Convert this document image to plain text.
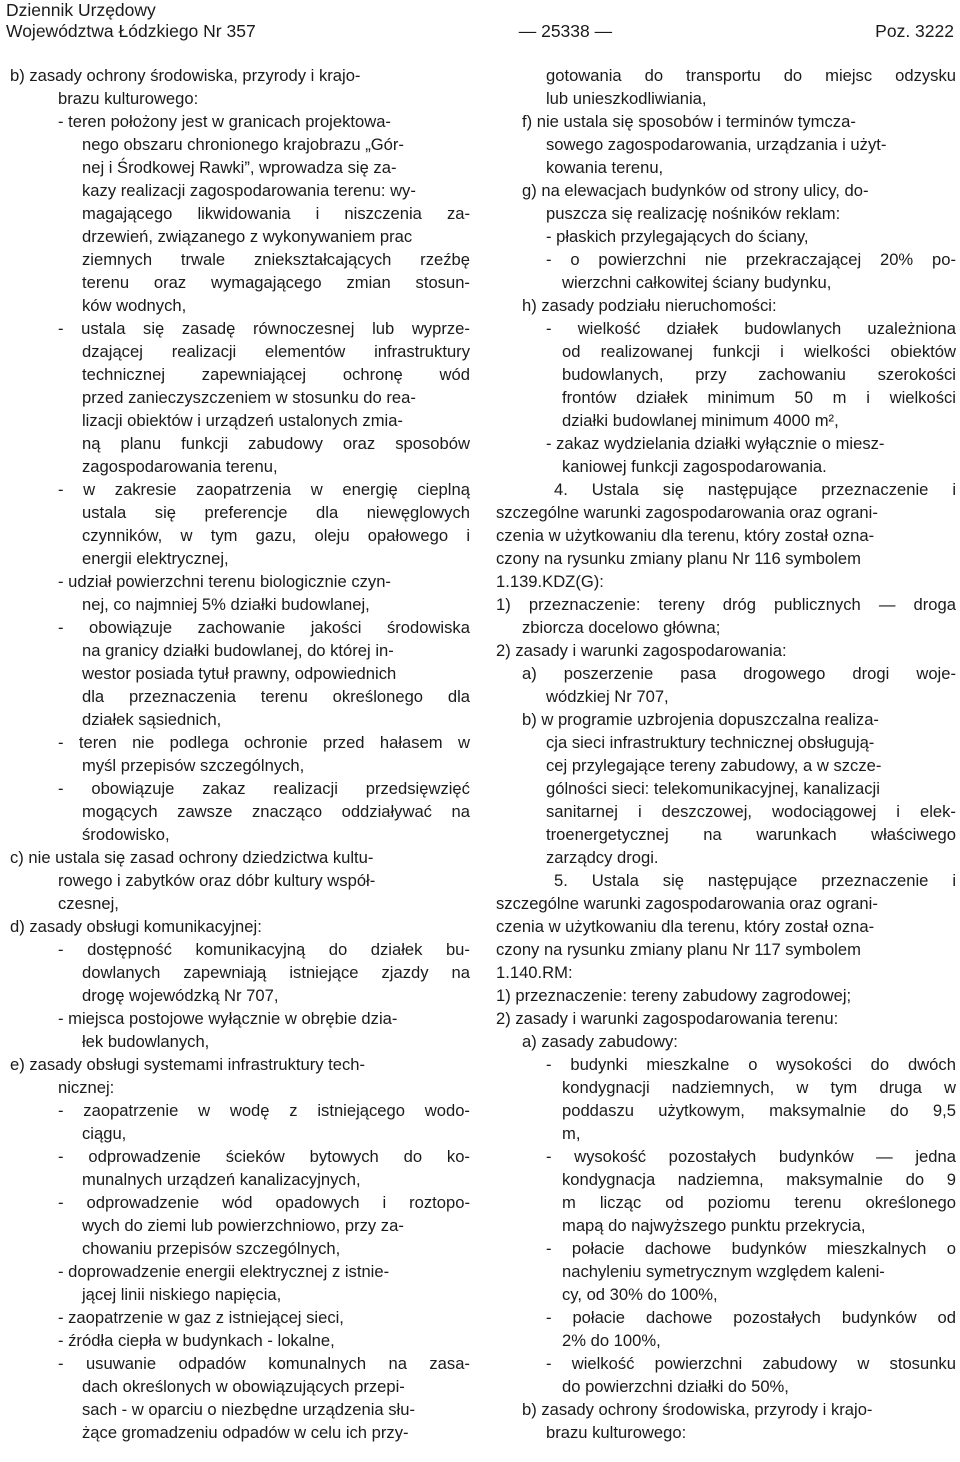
Dziennik Urzędowy
Województwa Łódzkiego Nr 357	— 25338 —	Poz. 3222
b) zasady ochrony środowiska, przyrody i krajo-
brazu kulturowego:
- teren położony jest w granicach projektowa-
nego obszaru chronionego krajobrazu „Gór-
nej i Środkowej Rawki”, wprowadza się za-
kazy realizacji zagospodarowania terenu: wy-
magającego likwidowania i niszczenia za-
drzewień, związanego z wykonywaniem prac
ziemnych trwale zniekształcających rzeźbę
terenu oraz wymagającego zmian stosun-
ków wodnych,
- ustala się zasadę równoczesnej lub wyprze-
dzającej realizacji elementów infrastruktury
technicznej zapewniającej ochronę wód
przed zanieczyszczeniem w stosunku do rea-
lizacji obiektów i urządzeń ustalonych zmia-
ną planu funkcji zabudowy oraz sposobów
zagospodarowania terenu,
- w zakresie zaopatrzenia w energię cieplną
ustala się preferencje dla niewęglowych
czynników, w tym gazu, oleju opałowego i
energii elektrycznej,
- udział powierzchni terenu biologicznie czyn-
nej, co najmniej 5% działki budowlanej,
- obowiązuje zachowanie jakości środowiska
na granicy działki budowlanej, do której in-
westor posiada tytuł prawny, odpowiednich
dla przeznaczenia terenu określonego dla
działek sąsiednich,
- teren nie podlega ochronie przed hałasem w
myśl przepisów szczególnych,
- obowiązuje zakaz realizacji przedsięwzięć
mogących zawsze znacząco oddziaływać na
środowisko,
c) nie ustala się zasad ochrony dziedzictwa kultu-
rowego i zabytków oraz dóbr kultury współ-
czesnej,
d) zasady obsługi komunikacyjnej:
- dostępność komunikacyjną do działek bu-
dowlanych zapewniają istniejące zjazdy na
drogę wojewódzką Nr 707,
- miejsca postojowe wyłącznie w obrębie dzia-
łek budowlanych,
e) zasady obsługi systemami infrastruktury tech-
nicznej:
- zaopatrzenie w wodę z istniejącego wodo-
ciągu,
- odprowadzenie ścieków bytowych do ko-
munalnych urządzeń kanalizacyjnych,
- odprowadzenie wód opadowych i roztopo-
wych do ziemi lub powierzchniowo, przy za-
chowaniu przepisów szczególnych,
- doprowadzenie energii elektrycznej z istnie-
jącej linii niskiego napięcia,
- zaopatrzenie w gaz z istniejącej sieci,
- źródła ciepła w budynkach - lokalne,
- usuwanie odpadów komunalnych na zasa-
dach określonych w obowiązujących przepi-
sach - w oparciu o niezbędne urządzenia słu-
żące gromadzeniu odpadów w celu ich przy-
gotowania do transportu do miejsc odzysku
lub unieszkodliwiania,
f) nie ustala się sposobów i terminów tymcza-
sowego zagospodarowania, urządzania i użyt-
kowania terenu,
g) na elewacjach budynków od strony ulicy, do-
puszcza się realizację nośników reklam:
- płaskich przylegających do ściany,
- o powierzchni nie przekraczającej 20% po-
wierzchni całkowitej ściany budynku,
h) zasady podziału nieruchomości:
- wielkość działek budowlanych uzależniona
od realizowanej funkcji i wielkości obiektów
budowlanych, przy zachowaniu szerokości
frontów działek minimum 50 m i wielkości
działki budowlanej minimum 4000 m²,
- zakaz wydzielania działki wyłącznie o miesz-
kaniowej funkcji zagospodarowania.
4. Ustala się następujące przeznaczenie i
szczególne warunki zagospodarowania oraz ograni-
czenia w użytkowaniu dla terenu, który został ozna-
czony na rysunku zmiany planu Nr 116 symbolem
1.139.KDZ(G):
1) przeznaczenie: tereny dróg publicznych — droga
zbiorcza docelowo główna;
2) zasady i warunki zagospodarowania:
a) poszerzenie pasa drogowego drogi woje-
wódzkiej Nr 707,
b) w programie uzbrojenia dopuszczalna realiza-
cja sieci infrastruktury technicznej obsługują-
cej przylegające tereny zabudowy, a w szcze-
gólności sieci: telekomunikacyjnej, kanalizacji
sanitarnej i deszczowej, wodociągowej i elek-
troenergetycznej na warunkach właściwego
zarządcy drogi.
5. Ustala się następujące przeznaczenie i
szczególne warunki zagospodarowania oraz ograni-
czenia w użytkowaniu dla terenu, który został ozna-
czony na rysunku zmiany planu Nr 117 symbolem
1.140.RM:
1) przeznaczenie: tereny zabudowy zagrodowej;
2) zasady i warunki zagospodarowania terenu:
a) zasady zabudowy:
- budynki mieszkalne o wysokości do dwóch
kondygnacji nadziemnych, w tym druga w
poddaszu użytkowym, maksymalnie do 9,5
m,
- wysokość pozostałych budynków — jedna
kondygnacja nadziemna, maksymalnie do 9
m licząc od poziomu terenu określonego
mapą do najwyższego punktu przekrycia,
- połacie dachowe budynków mieszkalnych o
nachyleniu symetrycznym względem kaleni-
cy, od 30% do 100%,
- połacie dachowe pozostałych budynków od
2% do 100%,
- wielkość powierzchni zabudowy w stosunku
do powierzchni działki do 50%,
b) zasady ochrony środowiska, przyrody i krajo-
brazu kulturowego:
